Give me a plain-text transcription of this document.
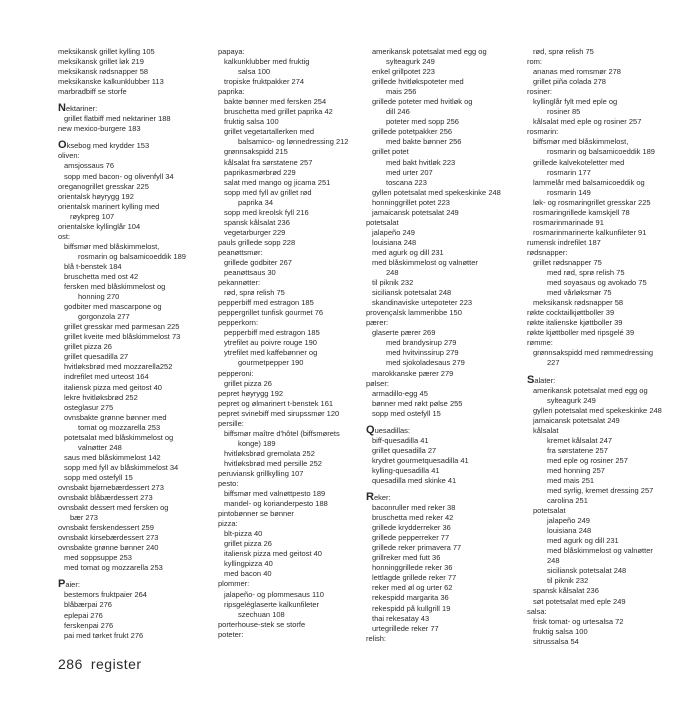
meksikansk grillet kylling 105
meksikansk grillet løk 219
meksikansk rødsnapper 58
meksikanske kalkunklubber 113
marbradbiff se storfe
Nektariner:
grillet flatbiff med nektariner 188
new mexico-burgere 183
Oksebog med krydder 153
oliven:
amsjossaus 76
sopp med bacon- og olivenfyll 34
oreganogrillet gresskar 225
orientalsk høyrygg 192
orientalsk marinert kylling med
røykpreg 107
orientalske kyllinglår 104
ost:
biffsmør med blåskimmelost,
rosmarin og balsamicoeddik 189
blå t-benstek 184
bruschetta med ost 42
fersken med blåskimmelost og
honning 270
godbiter med mascarpone og
gorgonzola 277
grillet gresskar med parmesan 225
grillet kveite med blåskimmelost 73
grillet pizza 26
grillet quesadilla 27
hvitløksbrød med mozzarella252
indrefilet med urteost 164
italiensk pizza med geitost 40
lekre hvitløksbrød 252
osteglasur 275
ovnsbakte grønne bønner med
tomat og mozzarella 253
potetsalat med blåskimmelost og
valnøtter 248
saus med blåskimmelost 142
sopp med fyll av blåskimmelost 34
sopp med ostefyll 15
ovnsbakt bjørnebærdessert 273
ovnsbakt blåbærdessert 273
ovnsbakt dessert med fersken og
bær 273
ovnsbakt ferskendessert 259
ovnsbakt kirsebærdessert 273
ovnsbakte grønne bønner 240
med soppsuppe 253
med tomat og mozzarella 253
Paier:
bestemors fruktpaier 264
blåbærpai 276
eplepai 276
ferskenpai 276
pai med tørket frukt 276
papaya:
kalkunklubber med fruktig
salsa 100
tropiske fruktpakker 274
paprika:
bakte bønner med fersken 254
bruschetta med grillet paprika 42
fruktig salsa 100
grillet vegetartallerken med
balsamico- og lønnedressing 212
grønnsakspidd 215
kålsalat fra sørstatene 257
paprikasmørbrød 229
salat med mango og jicama 251
sopp med fyll av grillet rød
paprika 34
sopp med kreolsk fyll 216
spansk kålsalat 236
vegetarburger 229
pauls grillede sopp 228
peanøttsmør:
grillede godbiter 267
peanøttsaus 30
pekannøtter:
rød, sprø relish 75
pepperbiff med estragon 185
peppergrillet tunfisk gourmet 76
pepperkorn:
pepperbiff med estragon 185
ytrefilet au poivre rouge 190
ytrefilet med kaffebønner og
gourmetpepper 190
pepperoni:
grillet pizza 26
pepret høyrygg 192
pepret og ølmarinert t-benstek 161
pepret svinebiff med sirupssmør 120
persille:
biffsmør maître d'hôtel (biffsmørets
konge) 189
hvitløksbrød gremolata 252
hvitløksbrød med persille 252
peruviansk grillkylling 107
pesto:
biffsmør med valnøttpesto 189
mandel- og korianderpesto 188
pintobønner se bønner
pizza:
blt-pizza 40
grillet pizza 26
italiensk pizza med geitost 40
kyllingpizza 40
med bacon 40
plommer:
jalapeño- og plommesaus 110
ripsgeléglaserte kalkunfileter
szechuan 108
porterhouse-stek se storfe
poteter:
amerikansk potetsalat med egg og
sylteagurk 249
enkel grillpotet 223
grillede hvitløkspoteter med
mais 256
grillede poteter med hvitløk og
dill 246
poteter med sopp 256
grillede potetpakker 256
med bakte bønner 256
grillet potet
med bakt hvitløk 223
med urter 207
toscana 223
gyllen potetsalat med spekeskinke 248
honninggrillet potet 223
jamaicansk potetsalat 249
potetsalat
jalapeño 249
louisiana 248
med agurk og dill 231
med blåskimmelost og valnøtter
248
til piknik 232
siciliansk potetsalat 248
skandinaviske urtepoteter 223
provençalsk lammeribbe 150
pærer:
glaserte pærer 269
med brandysirup 279
med hvitvinssirup 279
med sjokoladesaus 279
marokkanske pærer 279
pølser:
armadillo-egg 45
bønner med røkt pølse 255
sopp med ostefyll 15
Quesadillas:
biff-quesadilla 41
grillet quesadilla 27
krydret gourmetquesadilla 41
kylling-quesadilla 41
quesadilla med skinke 41
Reker:
baconruller med reker 38
bruschetta med reker 42
grillede krydderreker 36
grillede pepperreker 77
grillede reker primavera 77
grillreker med futt 36
honninggrillede reker 36
lettlagde grillede reker 77
reker med øl og urter 62
rekespidd margarita 36
rekespidd på kullgrill 19
thai rekesatay 43
urtegrillede reker 77
relish:
rød, sprø relish 75
rom:
ananas med romsmør 278
grillet piña colada 278
rosiner:
kyllinglår fylt med eple og
rosiner 85
kålsalat med eple og rosiner 257
rosmarin:
biffsmør med blåskimmelost,
rosmarin og balsamicoeddik 189
grillede kalvekoteletter med
rosmarin 177
lammelår med balsamicoeddik og
rosmarin 149
løk- og rosmaringrillet gresskar 225
rosmaringrillede kamskjell 78
rosmarinmarinade 91
rosmarinmarinerte kalkunfileter 91
rumensk indrefilet 187
rødsnapper:
grillet rødsnapper 75
med rød, sprø relish 75
med soyasaus og avokado 75
med vårløksmør 75
meksikansk rødsnapper 58
røkte cocktailkjøttboller 39
røkte italienske kjøttboller 39
røkte kjøttboller med ripsgelé 39
rømme:
grønnsakspidd med rømmedressing
227
Salater:
amerikansk potetsalat med egg og
sylteagurk 249
gyllen potetsalat med spekeskinke 248
jamaicansk potetsalat 249
kålsalat
kremet kålsalat 247
fra sørstatene 257
med eple og rosiner 257
med honning 257
med mais 251
med syrlig, kremet dressing 257
carolina 251
potetsalat
jalapeño 249
louisiana 248
med agurk og dill 231
med blåskimmelost og valnøtter
248
siciliansk potetsalat 248
til piknik 232
spansk kålsalat 236
søt potetsalat med eple 249
salsa:
frisk tomat- og urtesalsa 72
fruktig salsa 100
sitrussalsa 54
286 register
